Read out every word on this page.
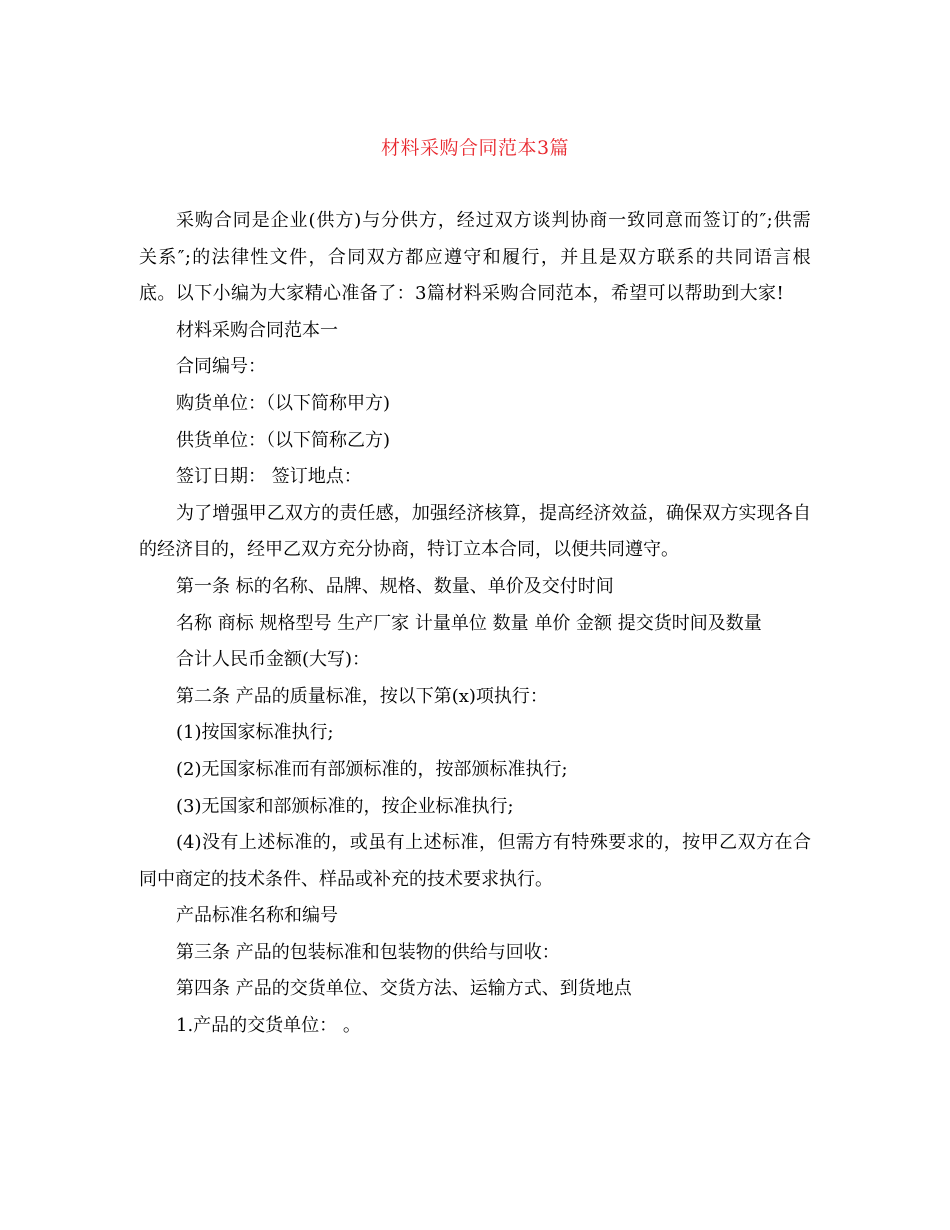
材料采购合同范本3篇

采购合同是企业(供方)与分供方，经过双方谈判协商一致同意而签订的″;供需关系″;的法律性文件，合同双方都应遵守和履行，并且是双方联系的共同语言根底。以下小编为大家精心准备了：3篇材料采购合同范本，希望可以帮助到大家!

材料采购合同范本一

合同编号：

购货单位：（以下简称甲方)

供货单位：（以下简称乙方)

签订日期： 签订地点：

为了增强甲乙双方的责任感，加强经济核算，提高经济效益，确保双方实现各自的经济目的，经甲乙双方充分协商，特订立本合同，以便共同遵守。

第一条 标的名称、品牌、规格、数量、单价及交付时间

名称 商标 规格型号 生产厂家 计量单位 数量 单价 金额 提交货时间及数量

合计人民币金额(大写)：

第二条 产品的质量标准，按以下第(x)项执行：

(1)按国家标准执行;

(2)无国家标准而有部颁标准的，按部颁标准执行;

(3)无国家和部颁标准的，按企业标准执行;

(4)没有上述标准的，或虽有上述标准，但需方有特殊要求的，按甲乙双方在合同中商定的技术条件、样品或补充的技术要求执行。

产品标准名称和编号

第三条 产品的包装标准和包装物的供给与回收：

第四条 产品的交货单位、交货方法、运输方式、到货地点

1.产品的交货单位： 。
